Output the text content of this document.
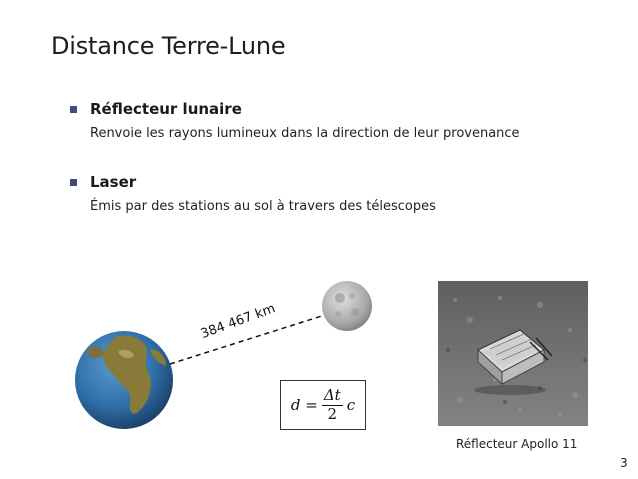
Distance Terre-Lune
Réflecteur lunaire
Renvoie les rayons lumineux dans la direction de leur provenance
Laser
Émis par des stations au sol à travers des télescopes
384 467 km
$d = \frac{\Delta t}{2}$ c
Réflecteur Apollo 11
3
